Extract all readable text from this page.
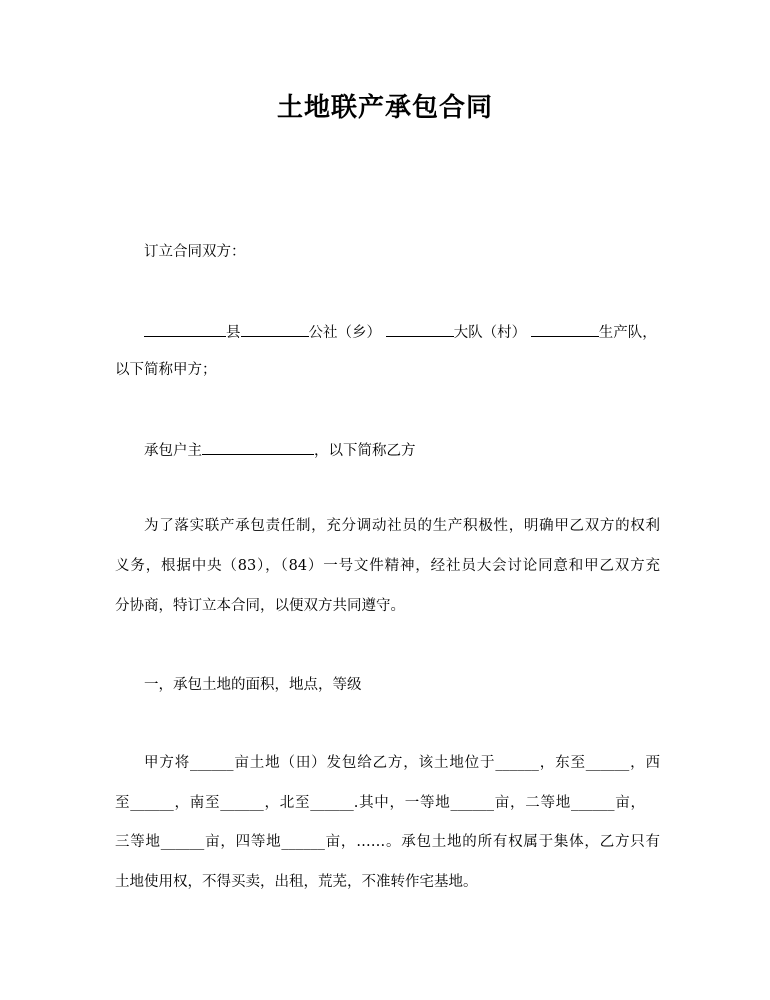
土地联产承包合同
订立合同双方：
县	公社（乡）	大队（村）	生产队，
以下简称甲方；
承包户主	，以下简称乙方
为了落实联产承包责任制，充分调动社员的生产积极性，明确甲乙双方的权利
义务，根据中央（83），（84）一号文件精神，经社员大会讨论同意和甲乙双方充
分协商，特订立本合同，以便双方共同遵守。
一，承包土地的面积，地点，等级
甲方将______亩土地（田）发包给乙方，该土地位于______，东至______，西
至______，南至______，北至______.其中，一等地______亩，二等地______亩，
三等地______亩，四等地______亩，……。承包土地的所有权属于集体，乙方只有
土地使用权，不得买卖，出租，荒芜，不准转作宅基地。
